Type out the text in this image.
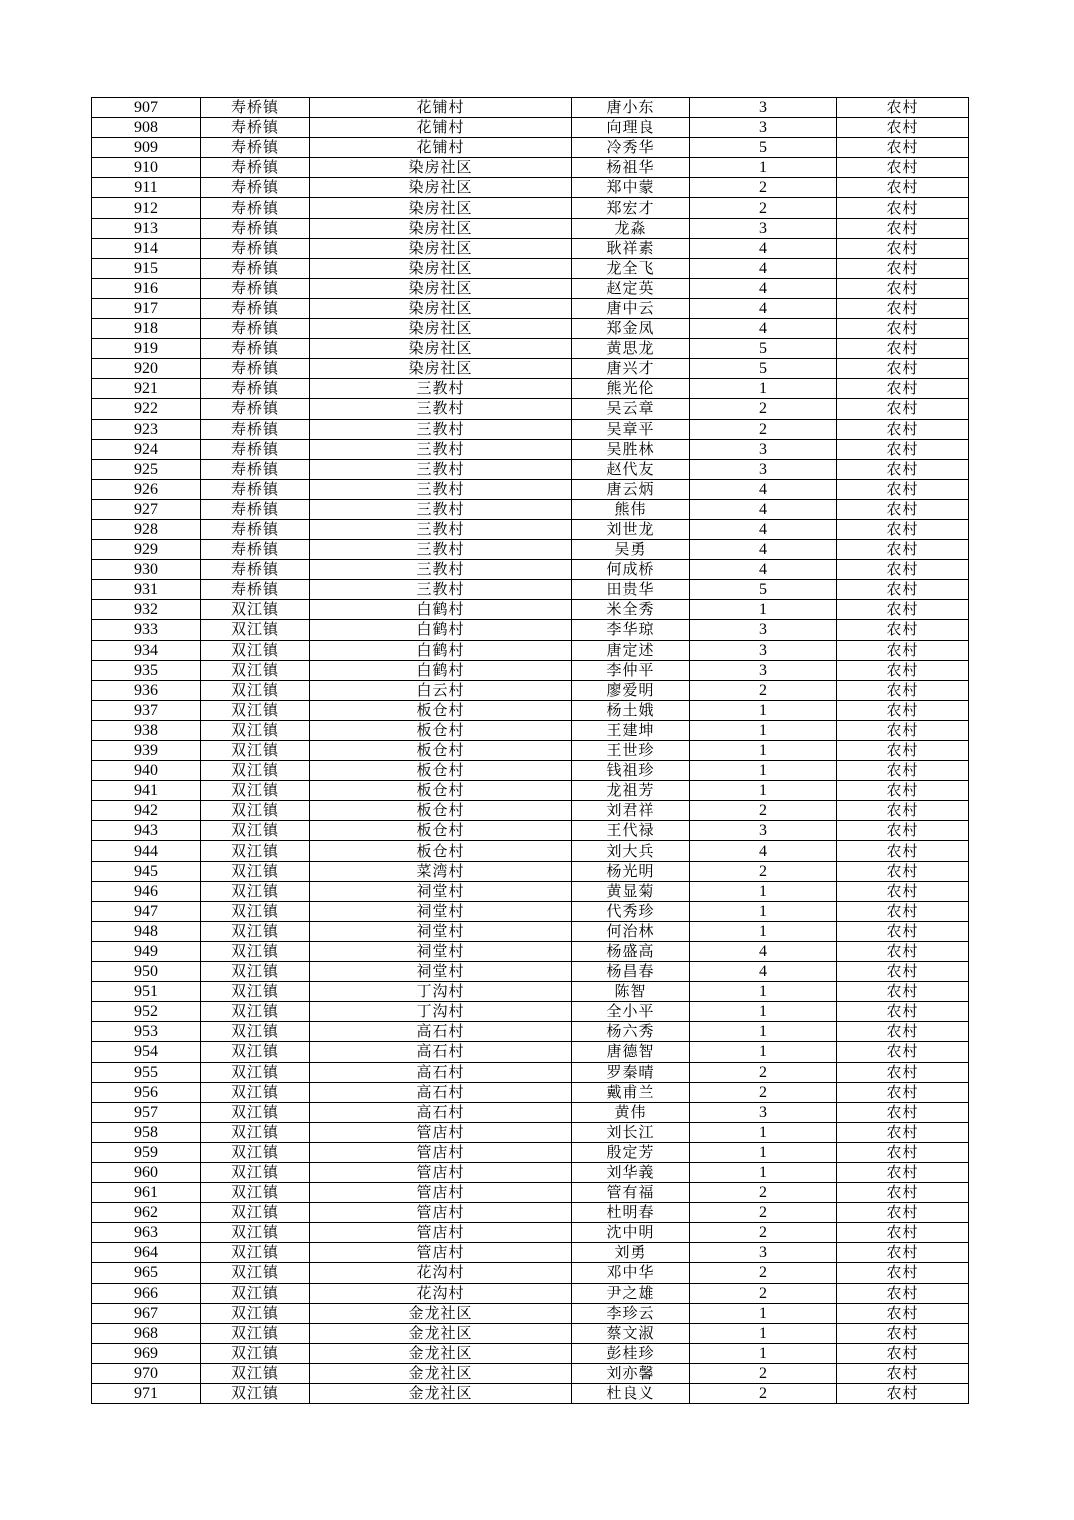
907	寿桥镇	花铺村	唐小东	3	农村
908	寿桥镇	花铺村	向理良	3	农村
909	寿桥镇	花铺村	冷秀华	5	农村
910	寿桥镇	染房社区	杨祖华	1	农村
911	寿桥镇	染房社区	郑中蒙	2	农村
912	寿桥镇	染房社区	郑宏才	2	农村
913	寿桥镇	染房社区	龙淼	3	农村
914	寿桥镇	染房社区	耿祥素	4	农村
915	寿桥镇	染房社区	龙全飞	4	农村
916	寿桥镇	染房社区	赵定英	4	农村
917	寿桥镇	染房社区	唐中云	4	农村
918	寿桥镇	染房社区	郑金凤	4	农村
919	寿桥镇	染房社区	黄思龙	5	农村
920	寿桥镇	染房社区	唐兴才	5	农村
921	寿桥镇	三教村	熊光伦	1	农村
922	寿桥镇	三教村	吴云章	2	农村
923	寿桥镇	三教村	吴章平	2	农村
924	寿桥镇	三教村	吴胜林	3	农村
925	寿桥镇	三教村	赵代友	3	农村
926	寿桥镇	三教村	唐云炳	4	农村
927	寿桥镇	三教村	熊伟	4	农村
928	寿桥镇	三教村	刘世龙	4	农村
929	寿桥镇	三教村	吴勇	4	农村
930	寿桥镇	三教村	何成桥	4	农村
931	寿桥镇	三教村	田贵华	5	农村
932	双江镇	白鹤村	米全秀	1	农村
933	双江镇	白鹤村	李华琼	3	农村
934	双江镇	白鹤村	唐定述	3	农村
935	双江镇	白鹤村	李仲平	3	农村
936	双江镇	白云村	廖爱明	2	农村
937	双江镇	板仓村	杨土娥	1	农村
938	双江镇	板仓村	王建坤	1	农村
939	双江镇	板仓村	王世珍	1	农村
940	双江镇	板仓村	钱祖珍	1	农村
941	双江镇	板仓村	龙祖芳	1	农村
942	双江镇	板仓村	刘君祥	2	农村
943	双江镇	板仓村	王代禄	3	农村
944	双江镇	板仓村	刘大兵	4	农村
945	双江镇	菜湾村	杨光明	2	农村
946	双江镇	祠堂村	黄显菊	1	农村
947	双江镇	祠堂村	代秀珍	1	农村
948	双江镇	祠堂村	何治林	1	农村
949	双江镇	祠堂村	杨盛高	4	农村
950	双江镇	祠堂村	杨昌春	4	农村
951	双江镇	丁沟村	陈智	1	农村
952	双江镇	丁沟村	全小平	1	农村
953	双江镇	高石村	杨六秀	1	农村
954	双江镇	高石村	唐德智	1	农村
955	双江镇	高石村	罗秦晴	2	农村
956	双江镇	高石村	戴甫兰	2	农村
957	双江镇	高石村	黄伟	3	农村
958	双江镇	管店村	刘长江	1	农村
959	双江镇	管店村	殷定芳	1	农村
960	双江镇	管店村	刘华義	1	农村
961	双江镇	管店村	管有福	2	农村
962	双江镇	管店村	杜明春	2	农村
963	双江镇	管店村	沈中明	2	农村
964	双江镇	管店村	刘勇	3	农村
965	双江镇	花沟村	邓中华	2	农村
966	双江镇	花沟村	尹之雄	2	农村
967	双江镇	金龙社区	李珍云	1	农村
968	双江镇	金龙社区	蔡文淑	1	农村
969	双江镇	金龙社区	彭桂珍	1	农村
970	双江镇	金龙社区	刘亦馨	2	农村
971	双江镇	金龙社区	杜良义	2	农村
